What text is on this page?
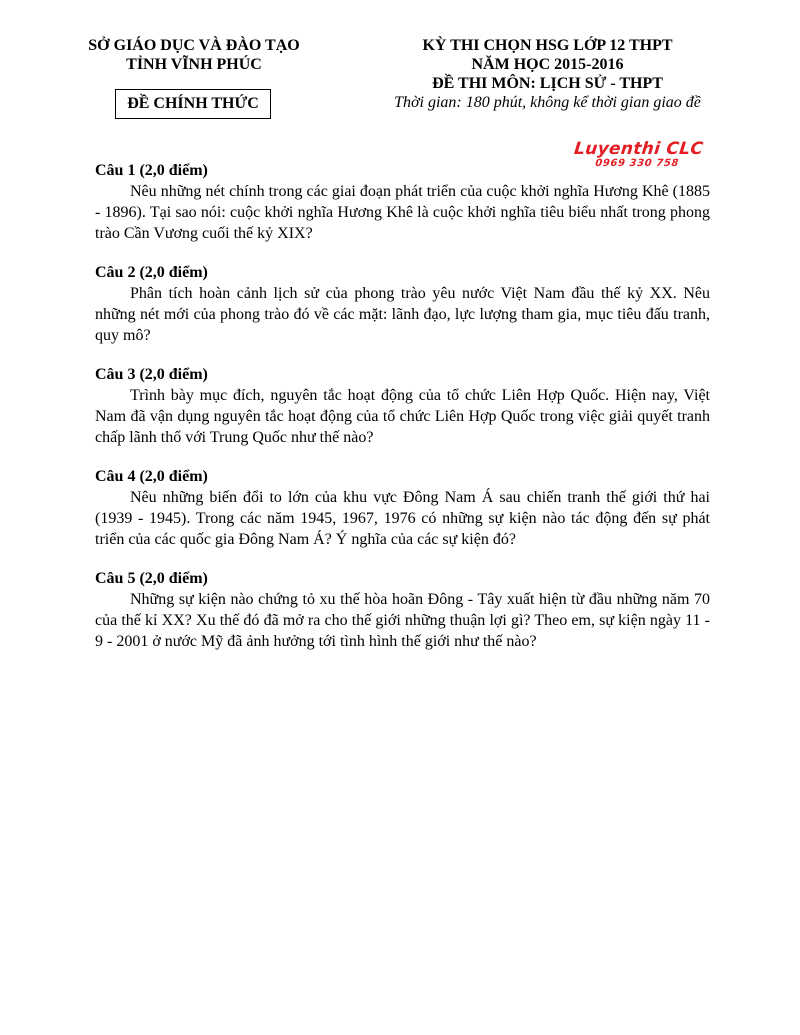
SỞ GIÁO DỤC VÀ ĐÀO TẠO
TỈNH VĨNH PHÚC
ĐỀ CHÍNH THỨC
KỲ THI CHỌN HSG LỚP 12 THPT
NĂM HỌC 2015-2016
ĐỀ THI MÔN: LỊCH SỬ - THPT
Thời gian: 180 phút, không kể thời gian giao đề
Luyenthi CLC
0969 330 758
Câu 1 (2,0 điểm)
Nêu những nét chính trong các giai đoạn phát triển của cuộc khởi nghĩa Hương Khê (1885 - 1896). Tại sao nói: cuộc khởi nghĩa Hương Khê là cuộc khởi nghĩa tiêu biểu nhất trong phong trào Cần Vương cuối thế kỷ XIX?
Câu 2 (2,0 điểm)
Phân tích hoàn cảnh lịch sử của phong trào yêu nước Việt Nam đầu thế kỷ XX. Nêu những nét mới của phong trào đó về các mặt: lãnh đạo, lực lượng tham gia, mục tiêu đấu tranh, quy mô?
Câu 3 (2,0 điểm)
Trình bày mục đích, nguyên tắc hoạt động của tổ chức Liên Hợp Quốc. Hiện nay, Việt Nam đã vận dụng nguyên tắc hoạt động của tổ chức Liên Hợp Quốc trong việc giải quyết tranh chấp lãnh thổ với Trung Quốc như thế nào?
Câu 4 (2,0 điểm)
Nêu những biến đổi to lớn của khu vực Đông Nam Á sau chiến tranh thế giới thứ hai (1939 - 1945). Trong các năm 1945, 1967, 1976 có những sự kiện nào tác động đến sự phát triển của các quốc gia Đông Nam Á? Ý nghĩa của các sự kiện đó?
Câu 5 (2,0 điểm)
Những sự kiện nào chứng tỏ xu thế hòa hoãn Đông - Tây xuất hiện từ đầu những năm 70 của thế kỉ XX? Xu thế đó đã mở ra cho thế giới những thuận lợi gì? Theo em, sự kiện ngày 11 - 9 - 2001 ở nước Mỹ đã ảnh hưởng tới tình hình thế giới như thế nào?
